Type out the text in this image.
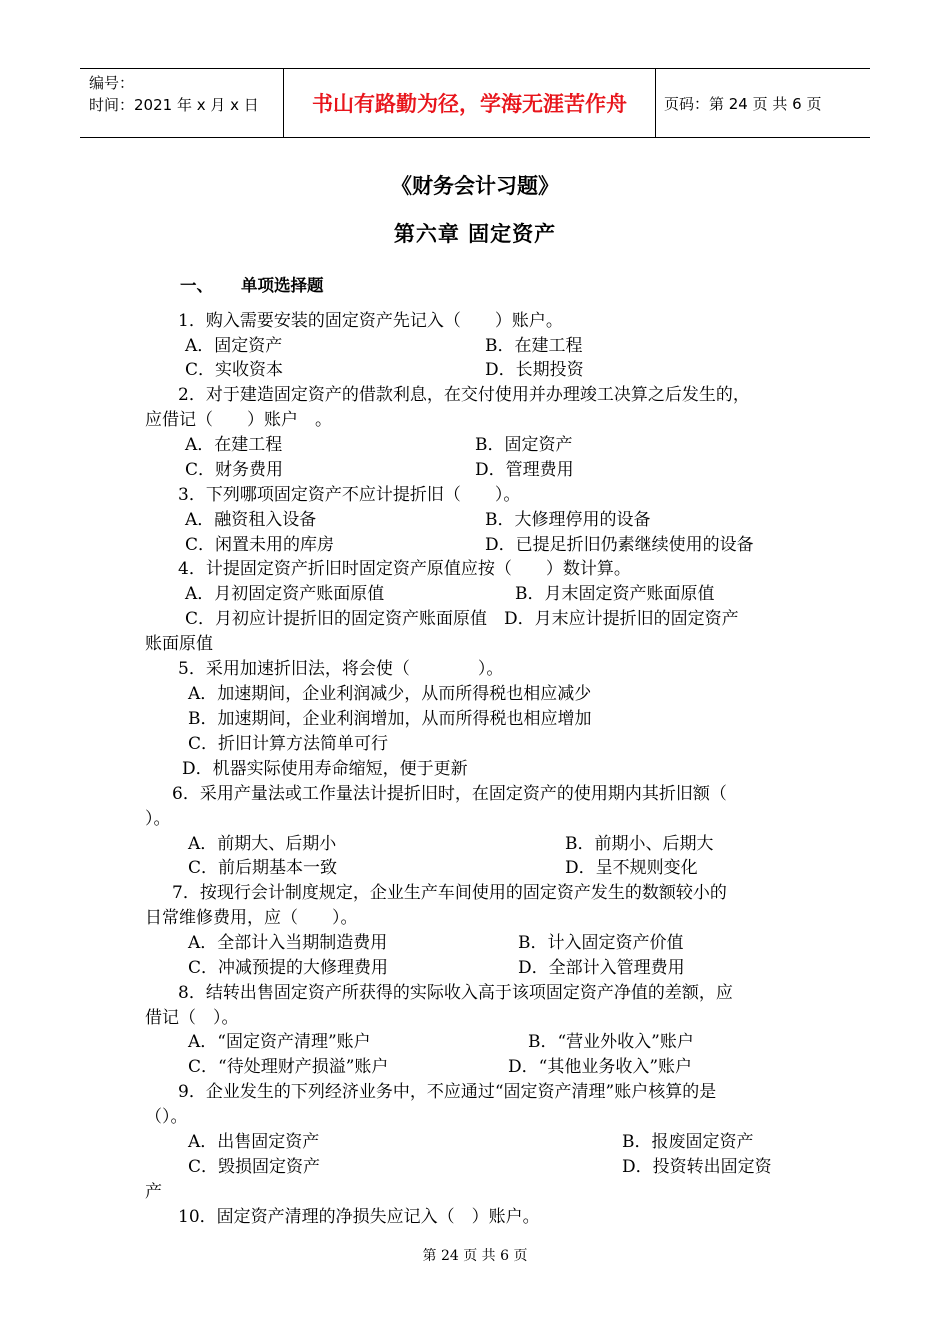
编号：
时间：2021 年 x 月 x 日	书山有路勤为径，学海无涯苦作舟	页码：第 24 页 共 6 页
《财务会计习题》
第六章 固定资产
一、 单项选择题
1．购入需要安装的固定资产先记入（　　）账户。
A．固定资产	B．在建工程
C．实收资本	D．长期投资
2．对于建造固定资产的借款利息，在交付使用并办理竣工决算之后发生的，
应借记（　　）账户　。
A．在建工程	B．固定资产
C．财务费用	D．管理费用
3．下列哪项固定资产不应计提折旧（　　）。
A．融资租入设备	B．大修理停用的设备
C．闲置未用的库房	D．已提足折旧仍素继续使用的设备
4．计提固定资产折旧时固定资产原值应按（　　）数计算。
A．月初固定资产账面原值	B．月末固定资产账面原值
C．月初应计提折旧的固定资产账面原值　D．月末应计提折旧的固定资产
账面原值
5．采用加速折旧法，将会使（　　　　）。
A．加速期间，企业利润减少，从而所得税也相应减少
B．加速期间，企业利润增加，从而所得税也相应增加
C．折旧计算方法简单可行
D．机器实际使用寿命缩短，便于更新
6．采用产量法或工作量法计提折旧时，在固定资产的使用期内其折旧额（
）。
A．前期大、后期小	B．前期小、后期大
C．前后期基本一致	D．呈不规则变化
7．按现行会计制度规定，企业生产车间使用的固定资产发生的数额较小的
日常维修费用，应（　　）。
A．全部计入当期制造费用	B．计入固定资产价值
C．冲减预提的大修理费用	D．全部计入管理费用
8．结转出售固定资产所获得的实际收入高于该项固定资产净值的差额，应
借记（　）。
A．“固定资产清理”账户	B．“营业外收入”账户
C．“待处理财产损溢”账户	D．“其他业务收入”账户
9．企业发生的下列经济业务中，不应通过“固定资产清理”账户核算的是
（）。
A．出售固定资产	B．报废固定资产
C．毁损固定资产	D．投资转出固定资
产
10．固定资产清理的净损失应记入（　）账户。
第 24 页 共 6 页
